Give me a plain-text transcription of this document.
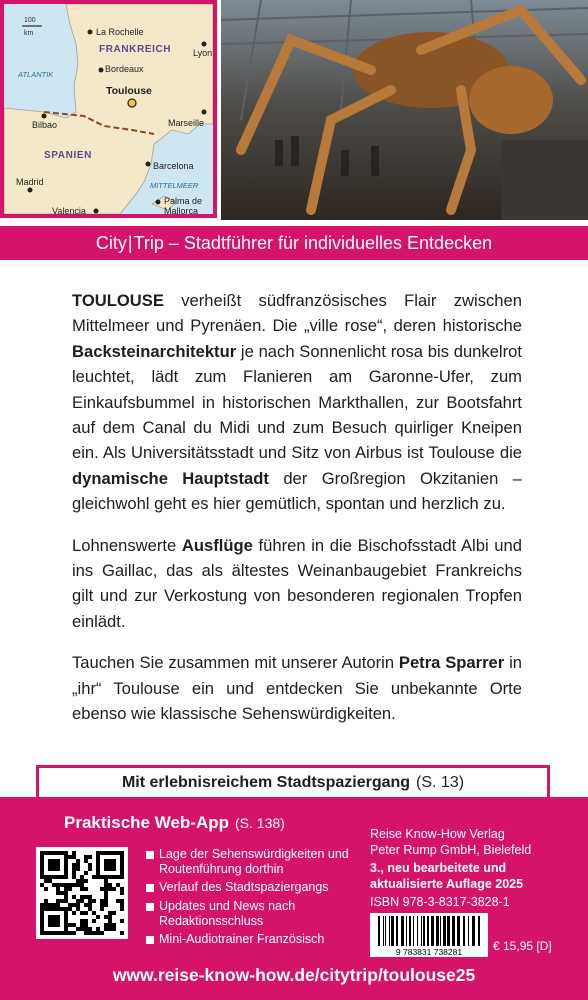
100
km
FRANKREICH
SPANIEN
ATLANTIK
MITTELMEER
La Rochelle
Lyon
Bordeaux
Toulouse
Marseille
Bilbao
Barcelona
Madrid
Valencia
Palma de
Mallorca
City | Trip – Stadtführer für individuelles Entdecken

TOULOUSE verheißt südfranzösisches Flair zwischen Mittelmeer und Pyrenäen. Die „ville rose“, deren historische Backsteinarchitektur je nach Sonnenlicht rosa bis dunkelrot leuchtet, lädt zum Flanieren am Garonne-Ufer, zum Einkaufsbummel in historischen Markthallen, zur Bootsfahrt auf dem Canal du Midi und zum Besuch quirliger Kneipen ein. Als Universitätsstadt und Sitz von Airbus ist Toulouse die dynamische Hauptstadt der Großregion Okzitanien – gleichwohl geht es hier gemütlich, spontan und herzlich zu.

Lohnenswerte Ausflüge führen in die Bischofsstadt Albi und ins Gaillac, das als ältestes Weinanbaugebiet Frankreichs gilt und zur Verkostung von besonderen regionalen Tropfen einlädt.

Tauchen Sie zusammen mit unserer Autorin Petra Sparrer in „ihr“ Toulouse ein und entdecken Sie unbekannte Orte ebenso wie klassische Sehenswürdigkeiten.

Mit erlebnisreichem Stadtspaziergang (S. 13)
Praktische Web-App (S. 138)
Lage der Sehenswürdigkeiten und Routenführung dorthin
Verlauf des Stadtspaziergangs
Updates und News nach Redaktionsschluss
Mini-Audiotrainer Französisch
Reise Know-How Verlag
Peter Rump GmbH, Bielefeld
3., neu bearbeitete und
aktualisierte Auflage 2025
ISBN 978-3-8317-3828-1
9 783831 738281	€ 15,95 [D]
www.reise-know-how.de/citytrip/toulouse25
